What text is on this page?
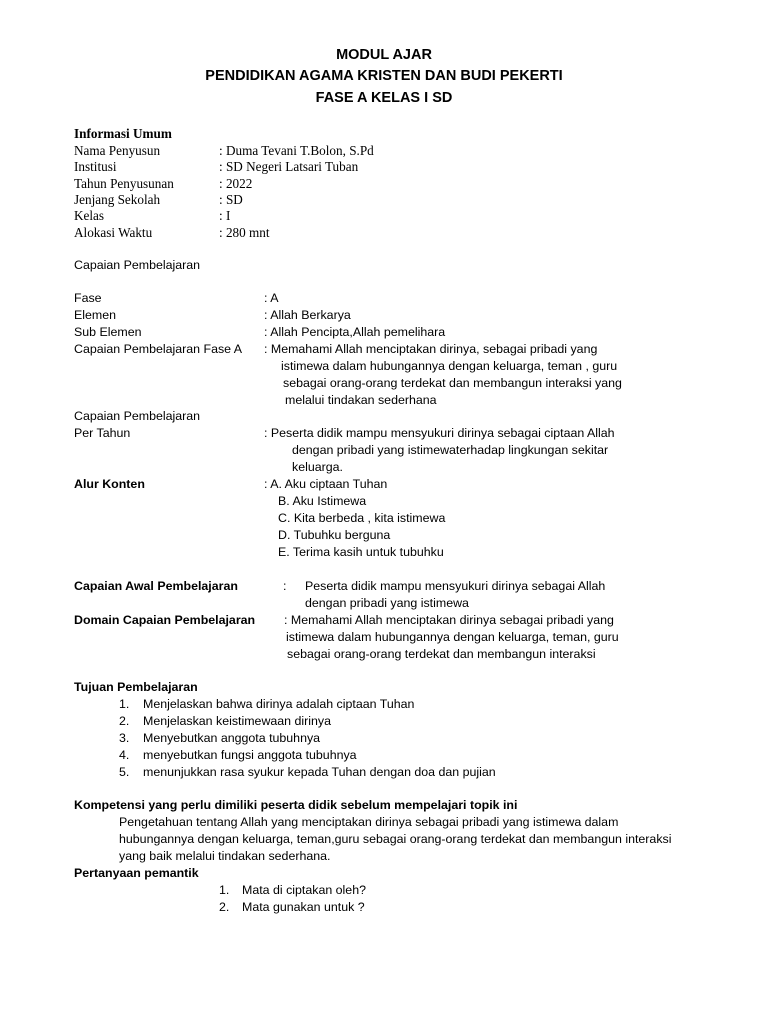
MODUL AJAR
PENDIDIKAN AGAMA KRISTEN DAN BUDI PEKERTI
FASE A KELAS I SD
Informasi Umum
Nama Penyusun	: Duma Tevani T.Bolon, S.Pd
Institusi	: SD Negeri Latsari Tuban
Tahun Penyusunan	: 2022
Jenjang Sekolah	: SD
Kelas	: I
Alokasi Waktu	: 280 mnt
Capaian Pembelajaran
Fase	: A
Elemen	: Allah Berkarya
Sub Elemen	: Allah Pencipta,Allah pemelihara
Capaian Pembelajaran Fase A : Memahami Allah menciptakan dirinya, sebagai pribadi yang
istimewa dalam hubungannya dengan keluarga, teman , guru
sebagai orang-orang terdekat dan membangun interaksi yang
melalui tindakan sederhana
Capaian Pembelajaran
Per Tahun	: Peserta didik mampu mensyukuri dirinya sebagai ciptaan Allah
dengan pribadi yang istimewaterhadap lingkungan sekitar
keluarga.
Alur Konten	: A. Aku ciptaan Tuhan
B. Aku Istimewa
C. Kita berbeda , kita istimewa
D. Tubuhku berguna
E. Terima kasih untuk tubuhku
Capaian Awal Pembelajaran	: Peserta didik mampu mensyukuri dirinya sebagai Allah
dengan pribadi yang istimewa
Domain Capaian Pembelajaran : Memahami Allah menciptakan dirinya sebagai pribadi yang
istimewa dalam hubungannya dengan keluarga, teman, guru
sebagai orang-orang terdekat dan membangun interaksi
Tujuan Pembelajaran
1. Menjelaskan bahwa dirinya adalah ciptaan Tuhan
2. Menjelaskan keistimewaan dirinya
3. Menyebutkan anggota tubuhnya
4. menyebutkan fungsi anggota tubuhnya
5. menunjukkan rasa syukur kepada Tuhan dengan doa dan pujian
Kompetensi yang perlu dimiliki peserta didik sebelum mempelajari topik ini
Pengetahuan tentang Allah yang menciptakan dirinya sebagai pribadi yang istimewa dalam
hubungannya dengan keluarga, teman,guru sebagai orang-orang terdekat dan membangun interaksi
yang baik melalui tindakan sederhana.
Pertanyaan pemantik
1. Mata di ciptakan oleh?
2. Mata gunakan untuk ?
